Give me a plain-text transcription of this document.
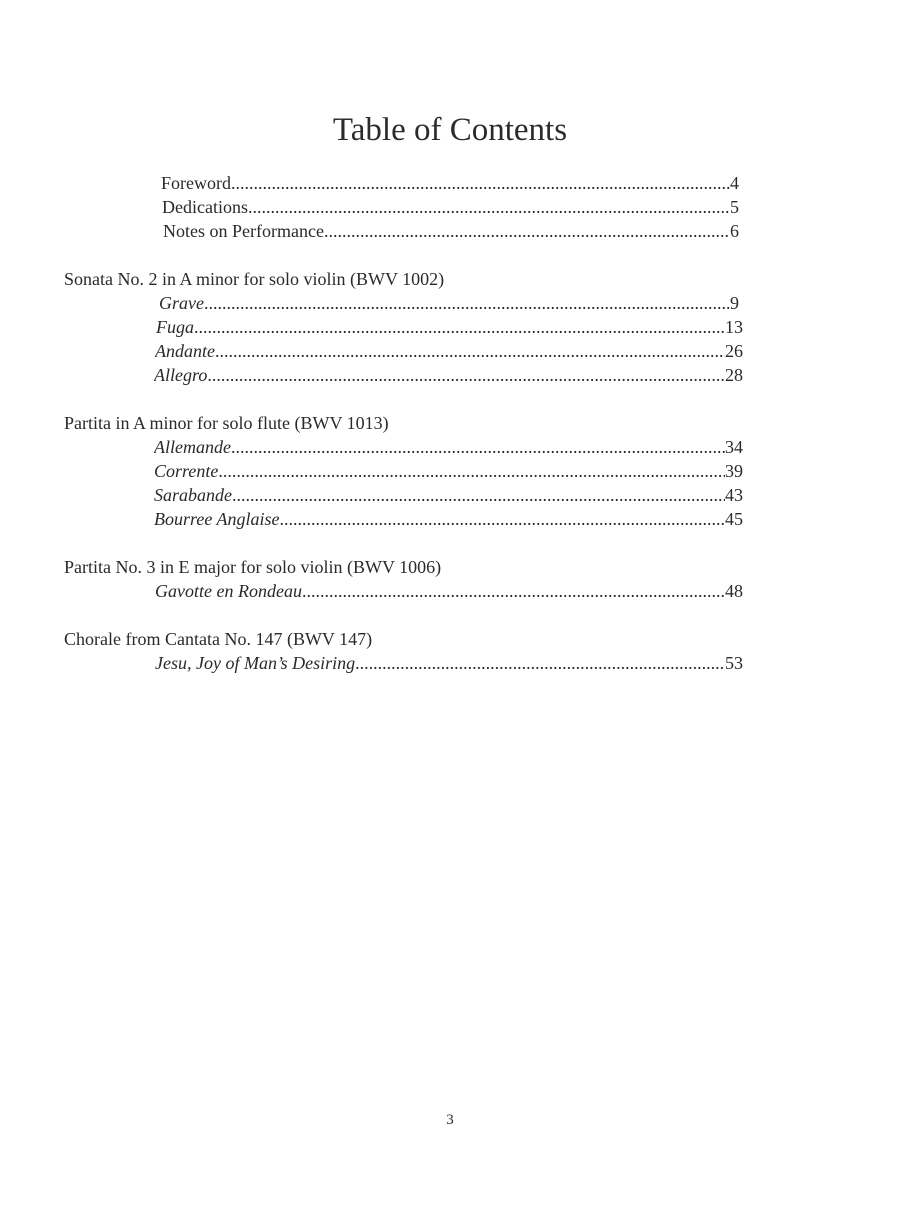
Table of Contents
Foreword .....	4
Dedications .....	5
Notes on Performance .....	6
Sonata No. 2 in A minor for solo violin (BWV 1002)
Grave .....	9
Fuga .....	13
Andante .....	26
Allegro .....	28
Partita in A minor for solo flute (BWV 1013)
Allemande .....	34
Corrente .....	39
Sarabande .....	43
Bourree Anglaise .....	45
Partita No. 3 in E major for solo violin (BWV 1006)
Gavotte en Rondeau .....	48
Chorale from Cantata No. 147 (BWV 147)
Jesu, Joy of Man’s Desiring .....	53
3
